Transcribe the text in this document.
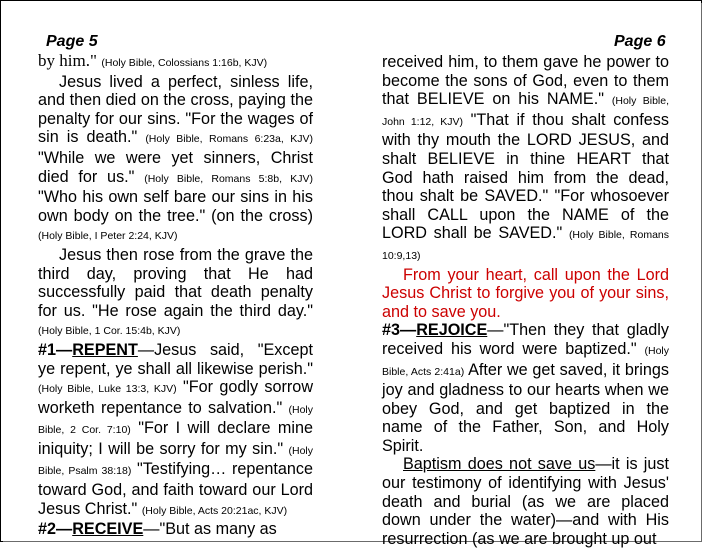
Page 5	Page 6

by him." (Holy Bible, Colossians 1:16b, KJV)

Jesus lived a perfect, sinless life, and then died on the cross, paying the penalty for our sins. "For the wages of sin is death." (Holy Bible, Romans 6:23a, KJV) "While we were yet sinners, Christ died for us." (Holy Bible, Romans 5:8b, KJV) "Who his own self bare our sins in his own body on the tree." (on the cross) (Holy Bible, I Peter 2:24, KJV)

Jesus then rose from the grave the third day, proving that He had successfully paid that death penalty for us. "He rose again the third day." (Holy Bible, 1 Cor. 15:4b, KJV)

#1—REPENT—Jesus said, "Except ye repent, ye shall all likewise perish." (Holy Bible, Luke 13:3, KJV) "For godly sorrow worketh repentance to salvation." (Holy Bible, 2 Cor. 7:10) "For I will declare mine iniquity; I will be sorry for my sin." (Holy Bible, Psalm 38:18) "Testifying… repentance toward God, and faith toward our Lord Jesus Christ." (Holy Bible, Acts 20:21ac, KJV)

#2—RECEIVE—"But as many as

received him, to them gave he power to become the sons of God, even to them that BELIEVE on his NAME." (Holy Bible, John 1:12, KJV) "That if thou shalt confess with thy mouth the LORD JESUS, and shalt BELIEVE in thine HEART that God hath raised him from the dead, thou shalt be SAVED." "For whosoever shall CALL upon the NAME of the LORD shall be SAVED." (Holy Bible, Romans 10:9,13)

From your heart, call upon the Lord Jesus Christ to forgive you of your sins, and to save you.

#3—REJOICE—"Then they that gladly received his word were baptized." (Holy Bible, Acts 2:41a) After we get saved, it brings joy and gladness to our hearts when we obey God, and get baptized in the name of the Father, Son, and Holy Spirit.

Baptism does not save us—it is just our testimony of identifying with Jesus' death and burial (as we are placed down under the water)—and with His resurrection (as we are brought up out
